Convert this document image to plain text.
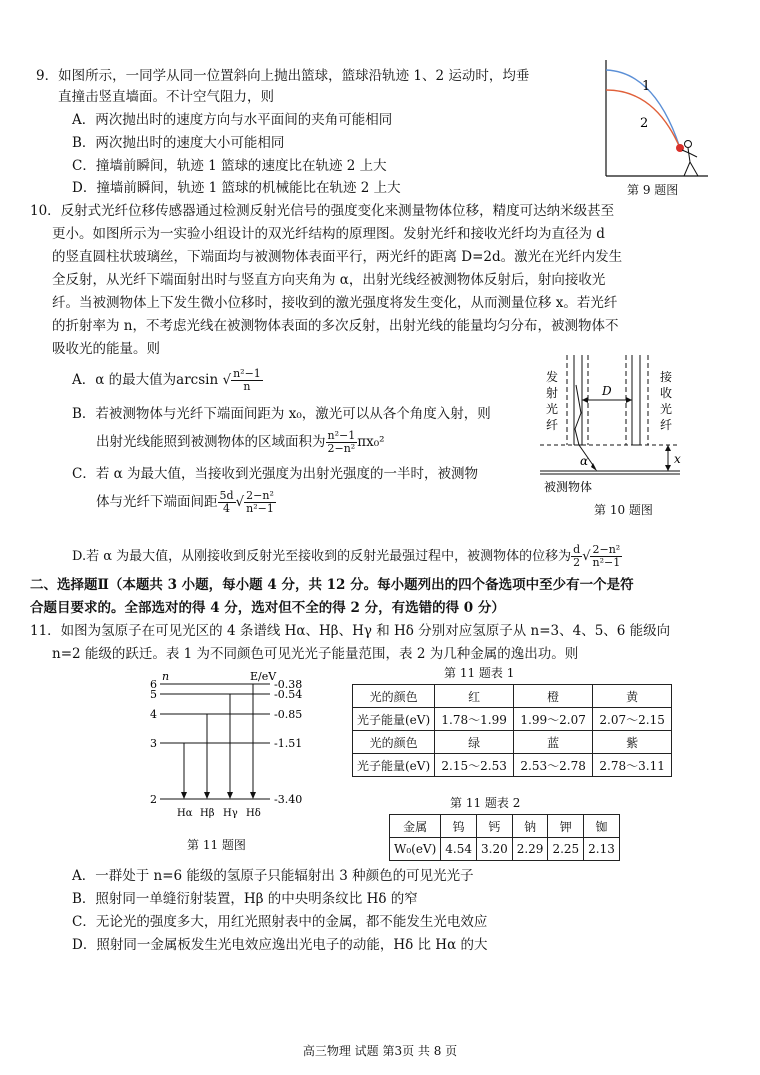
9．如图所示，一同学从同一位置斜向上抛出篮球，篮球沿轨迹 1、2 运动时，均垂
直撞击竖直墙面。不计空气阻力，则
A．两次抛出时的速度方向与水平面间的夹角可能相同
B．两次抛出时的速度大小可能相同
C．撞墙前瞬间，轨迹 1 篮球的速度比在轨迹 2 上大
D．撞墙前瞬间，轨迹 1 篮球的机械能比在轨迹 2 上大
1
2
第 9 题图
10．反射式光纤位移传感器通过检测反射光信号的强度变化来测量物体位移，精度可达纳米级甚至
更小。如图所示为一实验小组设计的双光纤结构的原理图。发射光纤和接收光纤均为直径为 d
的竖直圆柱状玻璃丝，下端面均与被测物体表面平行，两光纤的距离 D=2d。激光在光纤内发生
全反射，从光纤下端面射出时与竖直方向夹角为 α，出射光线经被测物体反射后，射向接收光
纤。当被测物体上下发生微小位移时，接收到的激光强度将发生变化，从而测量位移 x。若光纤
的折射率为 n，不考虑光线在被测物体表面的多次反射，出射光线的能量均匀分布，被测物体不
吸收光的能量。则
A．α 的最大值为arcsin √ $\frac{\text{n²−1}}{n}$
B．若被测物体与光纤下端面间距为 x₀，激光可以从各个角度入射，则
出射光线能照到被测物体的区域面积为 $\frac{\text{n²−1}}{\text{2−n²}} \pi x_0^2$
C．若 α 为最大值，当接收到光强度为出射光强度的一半时，被测物
体与光纤下端面间距 $\frac{5d}{4}$ √ $\frac{\text{2−n²}}{\text{n²−1}}$
D.若 α 为最大值，从刚接收到反射光至接收到的反射光最强过程中，被测物体的位移为 $\frac{d}{2}$ √ $\frac{\text{2−n²}}{\text{n²−1}}$
D
α	x
发
射
光
纤
接
收
光
纤
被测物体
第 10 题图
二、选择题Ⅱ（本题共 3 小题，每小题 4 分，共 12 分。每小题列出的四个备选项中至少有一个是符
合题目要求的。全部选对的得 4 分，选对但不全的得 2 分，有选错的得 0 分）
11．如图为氢原子在可见光区的 4 条谱线 Hα、Hβ、Hγ 和 Hδ 分别对应氢原子从 n=3、4、5、6 能级向
n=2 能级的跃迁。表 1 为不同颜色可见光光子能量范围，表 2 为几种金属的逸出功。则
n	E/eV
6
5
4
3
2
-0.38
-0.54
-0.85
-1.51
-3.40
Hα Hβ Hγ Hδ
第 11 题图
第 11 题表 1
光的颜色	红	橙	黄
光子能量(eV)	1.78～1.99	1.99～2.07	2.07～2.15
光的颜色	绿	蓝	紫
光子能量(eV)	2.15～2.53	2.53～2.78	2.78～3.11
第 11 题表 2
金属	钨	钙	钠	钾	铷
W₀(eV)	4.54	3.20	2.29	2.25	2.13
A．一群处于 n=6 能级的氢原子只能辐射出 3 种颜色的可见光光子
B．照射同一单缝衍射装置，Hβ 的中央明条纹比 Hδ 的窄
C．无论光的强度多大，用红光照射表中的金属，都不能发生光电效应
D．照射同一金属板发生光电效应逸出光电子的动能，Hδ 比 Hα 的大
高三物理 试题 第3页 共 8 页
